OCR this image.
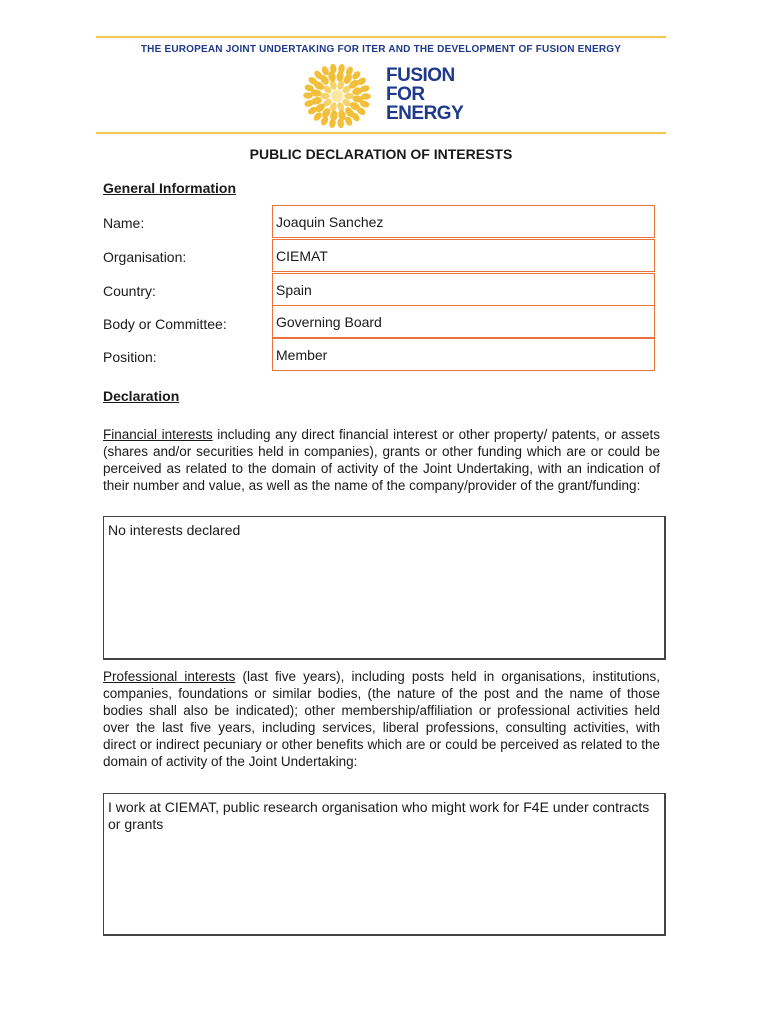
THE EUROPEAN JOINT UNDERTAKING FOR ITER AND THE DEVELOPMENT OF FUSION ENERGY
FUSION
FOR
ENERGY
PUBLIC DECLARATION OF INTERESTS
General Information
Name:	Joaquin Sanchez
Organisation:	CIEMAT
Country:	Spain
Body or Committee:	Governing Board
Position:	Member
Declaration
Financial interests including any direct financial interest or other property/ patents, or assets (shares and/or securities held in companies), grants or other funding which are or could be perceived as related to the domain of activity of the Joint Undertaking, with an indication of their number and value, as well as the name of the company/provider of the grant/funding:
No interests declared
Professional interests (last five years), including posts held in organisations, institutions, companies, foundations or similar bodies, (the nature of the post and the name of those bodies shall also be indicated); other membership/affiliation or professional activities held over the last five years, including services, liberal professions, consulting activities, with direct or indirect pecuniary or other benefits which are or could be perceived as related to the domain of activity of the Joint Undertaking:
I work at CIEMAT, public research organisation who might work for F4E under contracts or grants
